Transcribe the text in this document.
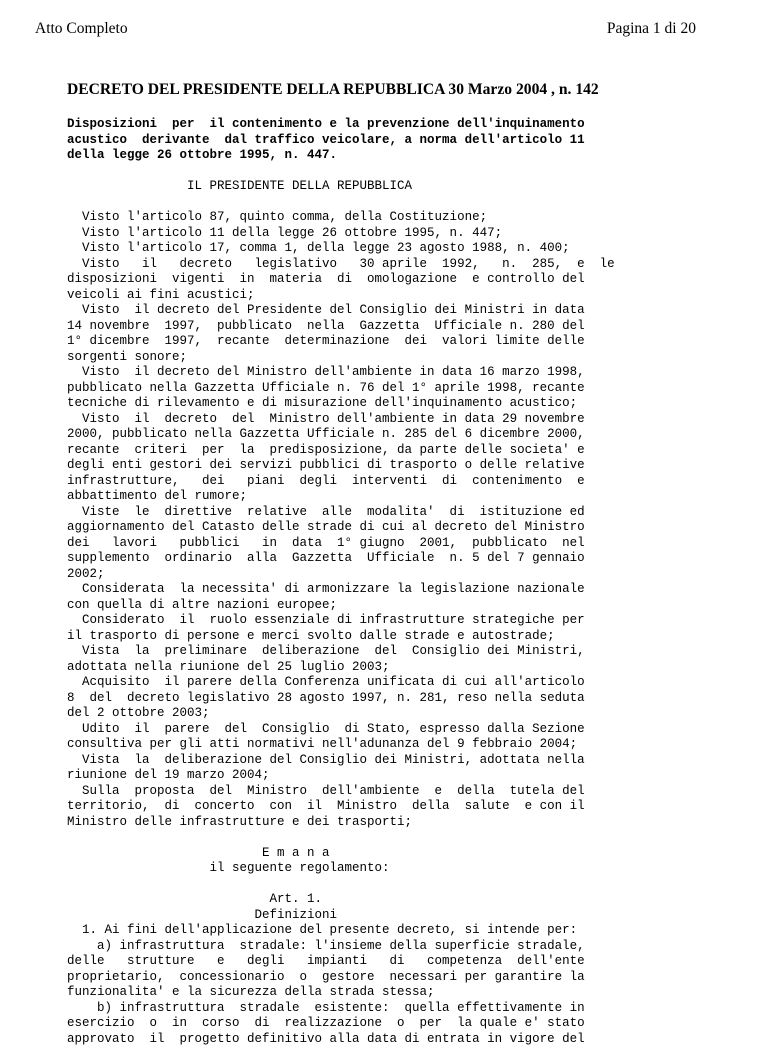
Atto Completo	Pagina 1 di 20
DECRETO DEL PRESIDENTE DELLA REPUBBLICA 30 Marzo 2004 , n. 142
Disposizioni  per  il contenimento e la prevenzione dell'inquinamento
acustico  derivante  dal traffico veicolare, a norma dell'articolo 11
della legge 26 ottobre 1995, n. 447.
IL PRESIDENTE DELLA REPUBBLICA
Visto l'articolo 87, quinto comma, della Costituzione;
Visto l'articolo 11 della legge 26 ottobre 1995, n. 447;
Visto l'articolo 17, comma 1, della legge 23 agosto 1988, n. 400;
Visto   il   decreto   legislativo   30 aprile  1992,   n.  285,  e  le
disposizioni  vigenti  in  materia  di  omologazione  e controllo del
veicoli ai fini acustici;
Visto  il decreto del Presidente del Consiglio dei Ministri in data
14 novembre  1997,  pubblicato  nella  Gazzetta  Ufficiale n. 280 del
1° dicembre  1997,  recante  determinazione  dei  valori limite delle
sorgenti sonore;
Visto  il decreto del Ministro dell'ambiente in data 16 marzo 1998,
pubblicato nella Gazzetta Ufficiale n. 76 del 1° aprile 1998, recante
tecniche di rilevamento e di misurazione dell'inquinamento acustico;
Visto  il  decreto  del  Ministro dell'ambiente in data 29 novembre
2000, pubblicato nella Gazzetta Ufficiale n. 285 del 6 dicembre 2000,
recante  criteri  per  la  predisposizione, da parte delle societa' e
degli enti gestori dei servizi pubblici di trasporto o delle relative
infrastrutture,   dei   piani  degli  interventi  di  contenimento  e
abbattimento del rumore;
Viste  le  direttive  relative  alle  modalita'  di  istituzione ed
aggiornamento del Catasto delle strade di cui al decreto del Ministro
dei   lavori   pubblici   in  data  1° giugno  2001,  pubblicato  nel
supplemento  ordinario  alla  Gazzetta  Ufficiale  n. 5 del 7 gennaio
2002;
Considerata  la necessita' di armonizzare la legislazione nazionale
con quella di altre nazioni europee;
Considerato  il  ruolo essenziale di infrastrutture strategiche per
il trasporto di persone e merci svolto dalle strade e autostrade;
Vista  la  preliminare  deliberazione  del  Consiglio dei Ministri,
adottata nella riunione del 25 luglio 2003;
Acquisito  il parere della Conferenza unificata di cui all'articolo
8  del  decreto legislativo 28 agosto 1997, n. 281, reso nella seduta
del 2 ottobre 2003;
Udito  il  parere  del  Consiglio  di Stato, espresso dalla Sezione
consultiva per gli atti normativi nell'adunanza del 9 febbraio 2004;
Vista  la  deliberazione del Consiglio dei Ministri, adottata nella
riunione del 19 marzo 2004;
Sulla  proposta  del  Ministro  dell'ambiente  e  della  tutela del
territorio,  di  concerto  con  il  Ministro  della  salute  e con il
Ministro delle infrastrutture e dei trasporti;
E m a n a
il seguente regolamento:
Art. 1.
Definizioni
1. Ai fini dell'applicazione del presente decreto, si intende per:
a) infrastruttura  stradale: l'insieme della superficie stradale,
delle   strutture   e   degli   impianti   di   competenza  dell'ente
proprietario,  concessionario  o  gestore  necessari per garantire la
funzionalita' e la sicurezza della strada stessa;
b) infrastruttura  stradale  esistente:  quella effettivamente in
esercizio  o  in  corso  di  realizzazione  o  per  la quale e' stato
approvato  il  progetto definitivo alla data di entrata in vigore del
